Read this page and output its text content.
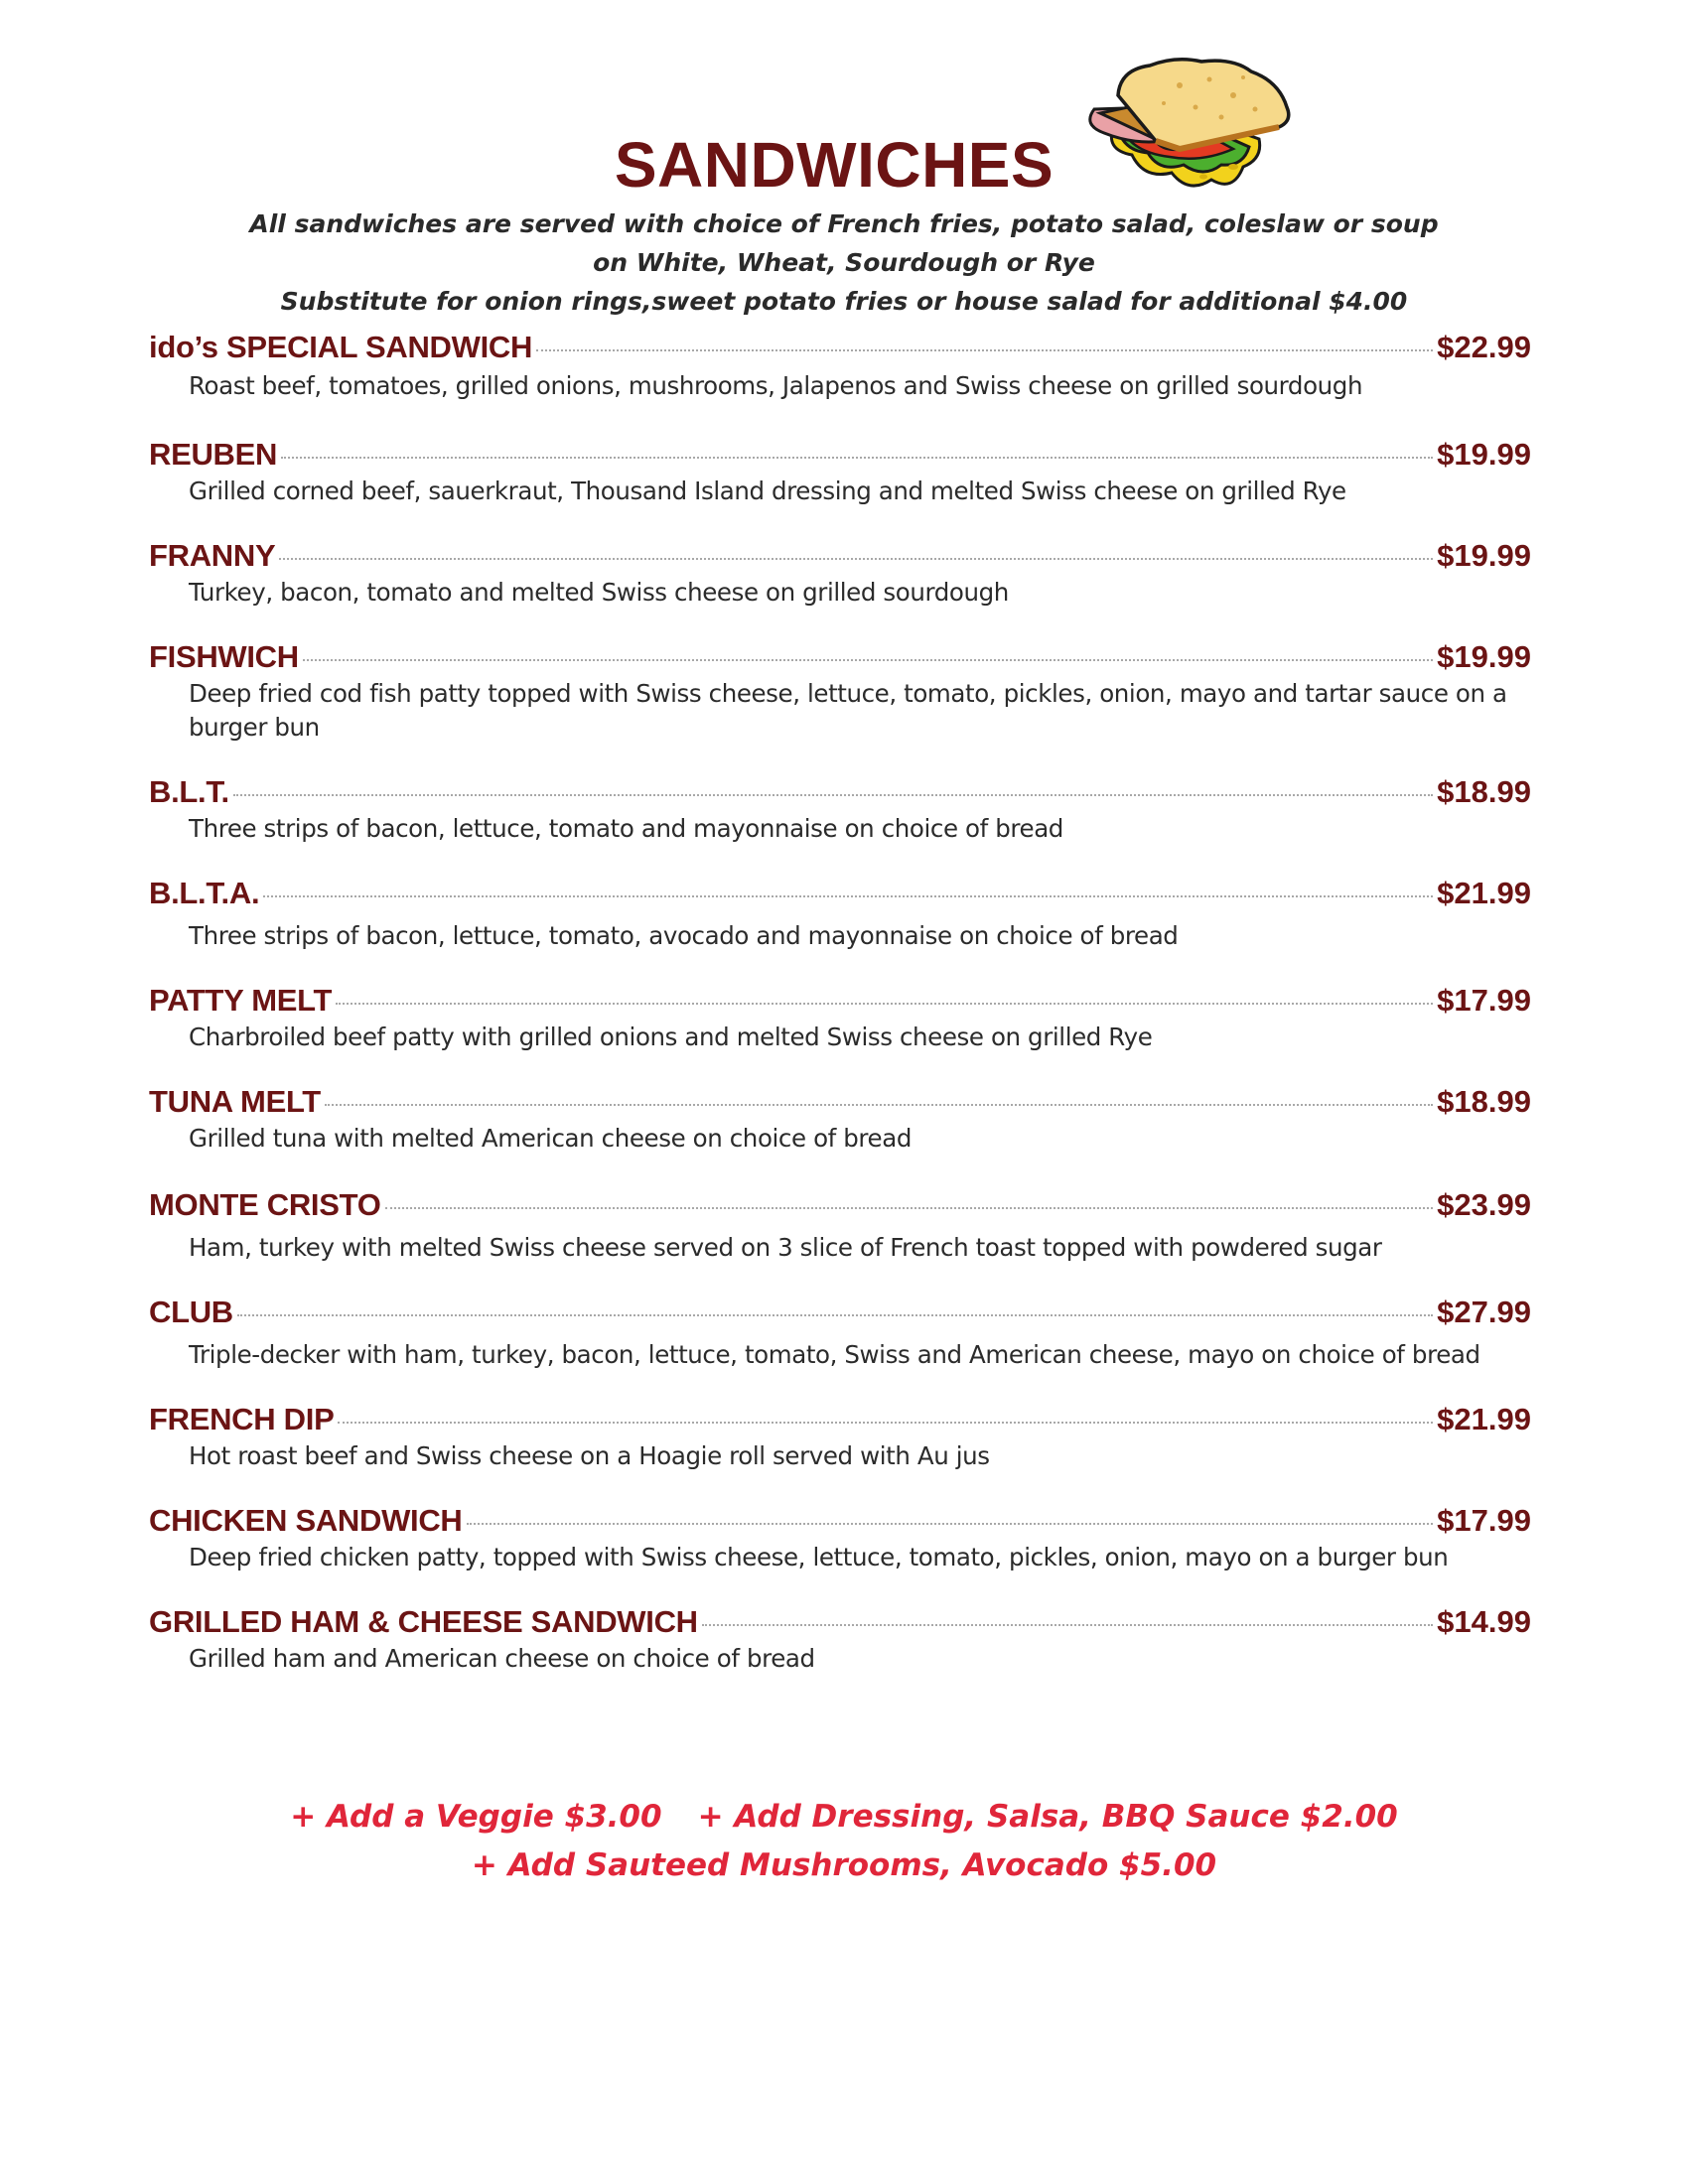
SANDWICHES
All sandwiches are served with choice of French fries, potato salad, coleslaw or soup
on White, Wheat, Sourdough or Rye
Substitute for onion rings,sweet potato fries or house salad for additional $4.00
ido’s SPECIAL SANDWICH	$22.99
Roast beef, tomatoes, grilled onions, mushrooms, Jalapenos and Swiss cheese on grilled sourdough
REUBEN	$19.99
Grilled corned beef, sauerkraut, Thousand Island dressing and melted Swiss cheese on grilled Rye
FRANNY	$19.99
Turkey, bacon, tomato and melted Swiss cheese on grilled sourdough
FISHWICH	$19.99
Deep fried cod fish patty topped with Swiss cheese, lettuce, tomato, pickles, onion, mayo and tartar sauce on a burger bun
B.L.T.	$18.99
Three strips of bacon, lettuce, tomato and mayonnaise on choice of bread
B.L.T.A.	$21.99
Three strips of bacon, lettuce, tomato, avocado and mayonnaise on choice of bread
PATTY MELT	$17.99
Charbroiled beef patty with grilled onions and melted Swiss cheese on grilled Rye
TUNA MELT	$18.99
Grilled tuna with melted American cheese on choice of bread
MONTE CRISTO	$23.99
Ham, turkey with melted Swiss cheese served on 3 slice of French toast topped with powdered sugar
CLUB	$27.99
Triple-decker with ham, turkey, bacon, lettuce, tomato, Swiss and American cheese, mayo on choice of bread
FRENCH DIP	$21.99
Hot roast beef and Swiss cheese on a Hoagie roll served with Au jus
CHICKEN SANDWICH	$17.99
Deep fried chicken patty, topped with Swiss cheese, lettuce, tomato, pickles, onion, mayo on a burger bun
GRILLED HAM & CHEESE SANDWICH	$14.99
Grilled ham and American cheese on choice of bread
+ Add a Veggie $3.00 + Add Dressing, Salsa, BBQ Sauce $2.00
+ Add Sauteed Mushrooms, Avocado $5.00
